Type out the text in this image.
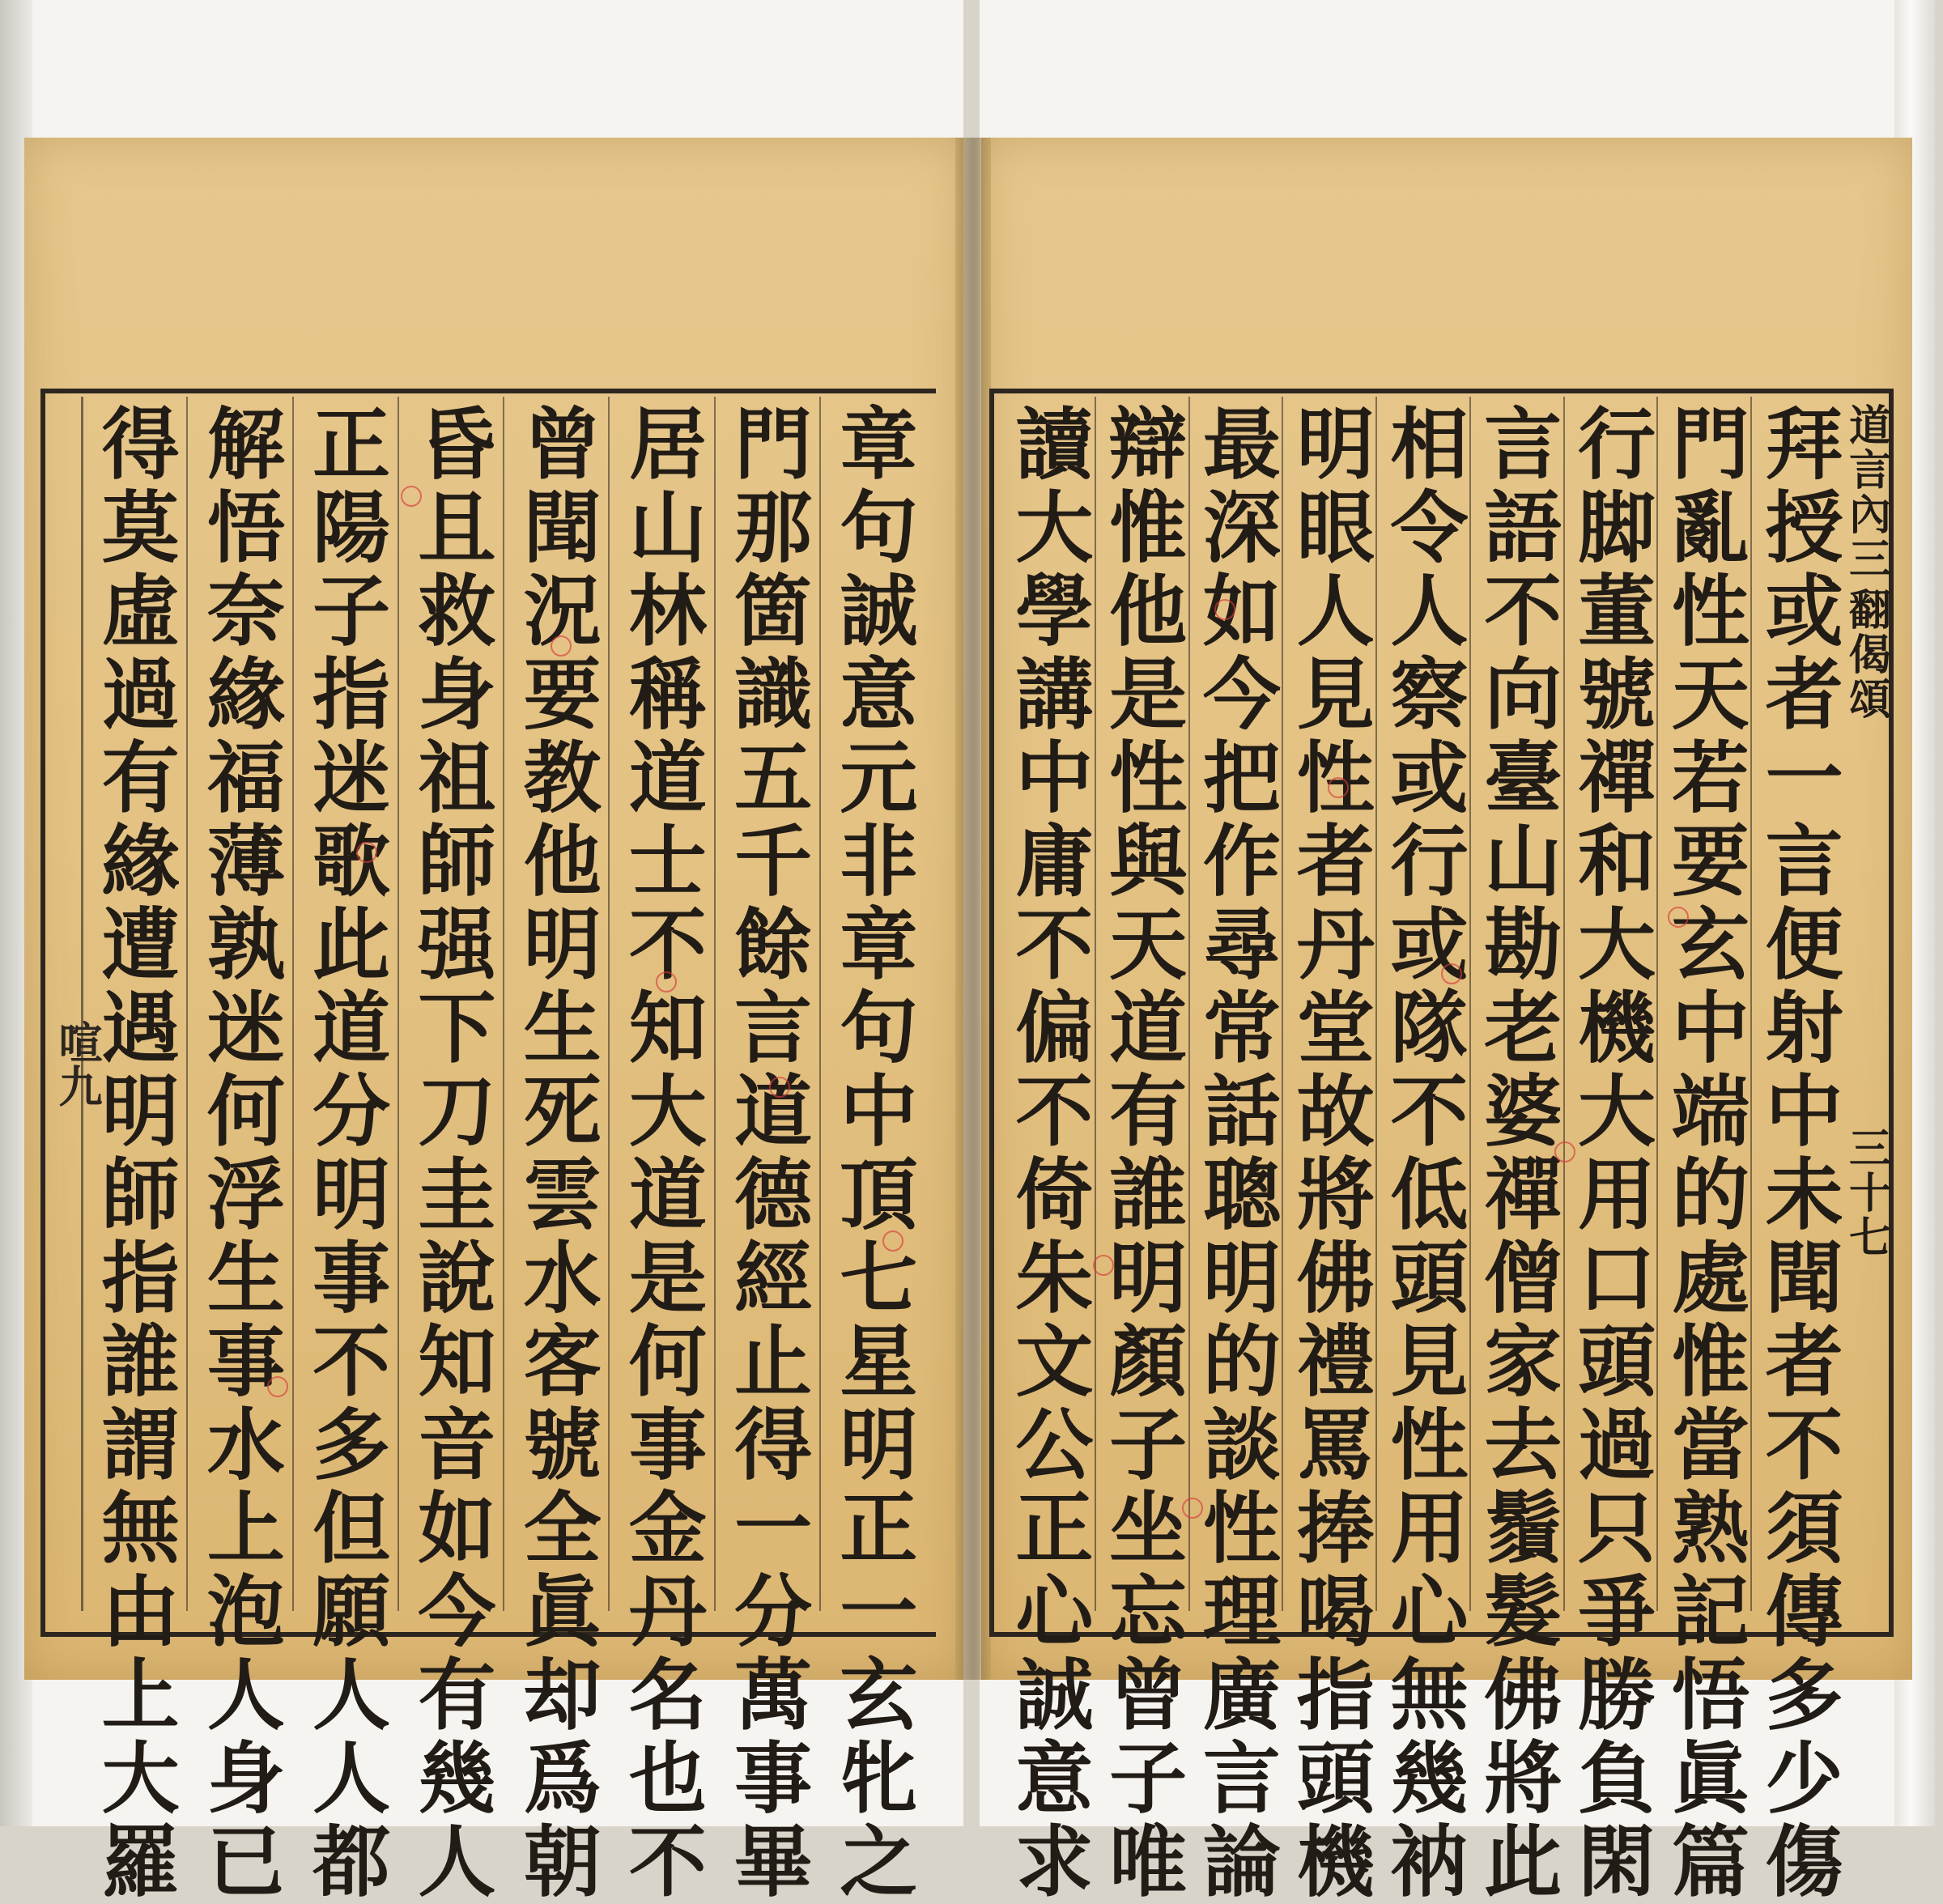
喧九	章句誠意元非章句中頂七星明正一玄牝之
門那箇識五千餘言道德經止得一分萬事畢
居山林稱道士不知大道是何事金丹名也不
曾聞況要教他明生死雲水客號全眞却爲朝
昏且救身祖師强下刀圭說知音如今有幾人
正陽子指迷歌此道分明事不多但願人人都
解悟奈緣福薄孰迷何浮生事水上泡人身已
得莫虛過有緣遭遇明師指誰謂無由上大羅	拜授或者一言便射中未聞者不須傳多少傷
門亂性天若要玄中端的處惟當熟記悟眞篇
行脚董號禪和大機大用口頭過只爭勝負閑
言語不向臺山勘老婆禪僧家去鬚髮佛將此
相令人察或行或隊不低頭見性用心無幾衲
明眼人見性者丹堂故將佛禮罵捧喝指頭機
最深如今把作尋常話聰明的談性理廣言論
辯惟他是性與天道有誰明顏子坐忘曾子唯
讀大學講中庸不偏不倚朱文公正心誠意求	道言內三
翻偈頌
三十七
